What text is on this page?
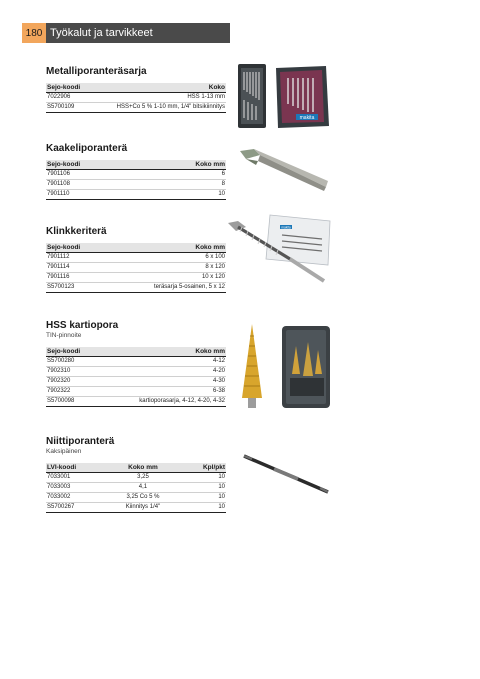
180 Työkalut ja tarvikkeet
Metalliporanteräsarja
Sejo-koodi	Koko
7022906	HSS 1-13 mm
S5700109	HSS+Co 5 % 1-10 mm, 1/4" bitsikiinnitys
Kaakeliporanterä
Sejo-koodi	Koko mm
7901106	6
7901108	8
7901110	10
Klinkkeriterä
Sejo-koodi	Koko mm
7901112	6 x 100
7901114	8 x 120
7901116	10 x 120
S5700123	teräsarja 5-osainen, 5 x 12
HSS kartiopora
TIN-pinnoite
Sejo-koodi	Koko mm
S5700280	4-12
7902310	4-20
7902320	4-30
7902322	6-38
S5700098	kartioporasarja, 4-12, 4-20, 4-32
Niittiporanterä
Kaksipäinen
LVI-koodi	Koko mm	Kpl/pkt
7033001	3,25	10
7033003	4,1	10
7033002	3,25 Co 5 %	10
S5700267	Kiinnitys 1/4"	10
makita
makita
